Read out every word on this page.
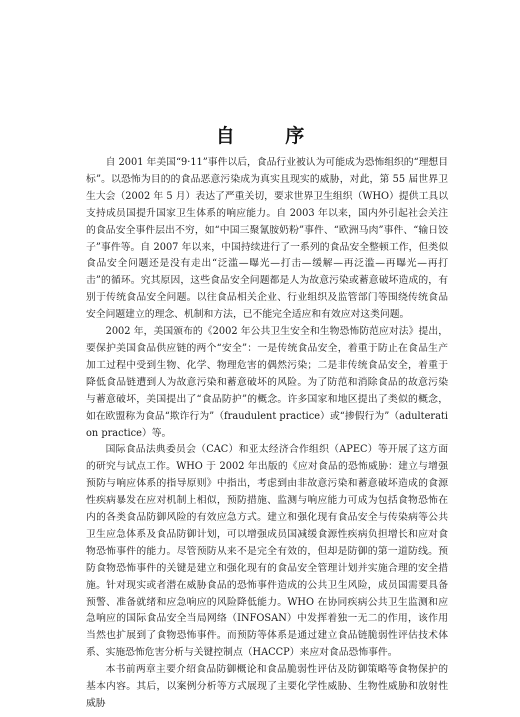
自 序

自 2001 年美国“9·11”事件以后，食品行业被认为可能成为恐怖组织的“理想目标”。以恐怖为目的的食品恶意污染成为真实且现实的威胁，对此，第 55 届世界卫生大会（2002 年 5 月）表达了严重关切，要求世界卫生组织（WHO）提供工具以支持成员国提升国家卫生体系的响应能力。自 2003 年以来，国内外引起社会关注的食品安全事件层出不穷，如“中国三聚氰胺奶粉”事件、“欧洲马肉”事件、“输日饺子”事件等。自 2007 年以来，中国持续进行了一系列的食品安全整顿工作，但类似食品安全问题还是没有走出“泛滥—曝光—打击—缓解—再泛滥—再曝光—再打击”的循环。究其原因，这些食品安全问题都是人为故意污染或蓄意破坏造成的，有别于传统食品安全问题。以往食品相关企业、行业组织及监管部门等围绕传统食品安全问题建立的理念、机制和方法，已不能完全适应和有效应对这类问题。

2002 年，美国颁布的《2002 年公共卫生安全和生物恐怖防范应对法》提出，要保护美国食品供应链的两个“安全”：一是传统食品安全，着重于防止在食品生产加工过程中受到生物、化学、物理危害的偶然污染；二是非传统食品安全，着重于降低食品链遭到人为故意污染和蓄意破坏的风险。为了防范和消除食品的故意污染与蓄意破坏，美国提出了“食品防护”的概念。许多国家和地区提出了类似的概念，如在欧盟称为食品“欺诈行为”（fraudulent practice）或“掺假行为”（adulteration practice）等。

国际食品法典委员会（CAC）和亚太经济合作组织（APEC）等开展了这方面的研究与试点工作。WHO 于 2002 年出版的《应对食品的恐怖威胁：建立与增强预防与响应体系的指导原则》中指出，考虑到由非故意污染和蓄意破坏造成的食源性疾病暴发在应对机制上相似，预防措施、监测与响应能力可成为包括食物恐怖在内的各类食品防御风险的有效应急方式。建立和强化现有食品安全与传染病等公共卫生应急体系及食品防御计划，可以增强成员国减缓食源性疾病负担增长和应对食物恐怖事件的能力。尽管预防从来不是完全有效的，但却是防御的第一道防线。预防食物恐怖事件的关键是建立和强化现有的食品安全管理计划并实施合理的安全措施。针对现实或者潜在威胁食品的恐怖事件造成的公共卫生风险，成员国需要具备预警、准备就绪和应急响应的风险降低能力。WHO 在协同疾病公共卫生监测和应急响应的国际食品安全当局网络（INFOSAN）中发挥着独一无二的作用，该作用当然也扩展到了食物恐怖事件。而预防等体系是通过建立食品链脆弱性评估技术体系、实施恐怖危害分析与关键控制点（HACCP）来应对食品恐怖事件。

本书前两章主要介绍食品防御概论和食品脆弱性评估及防御策略等食物保护的基本内容。其后，以案例分析等方式展现了主要化学性威胁、生物性威胁和放射性威胁
